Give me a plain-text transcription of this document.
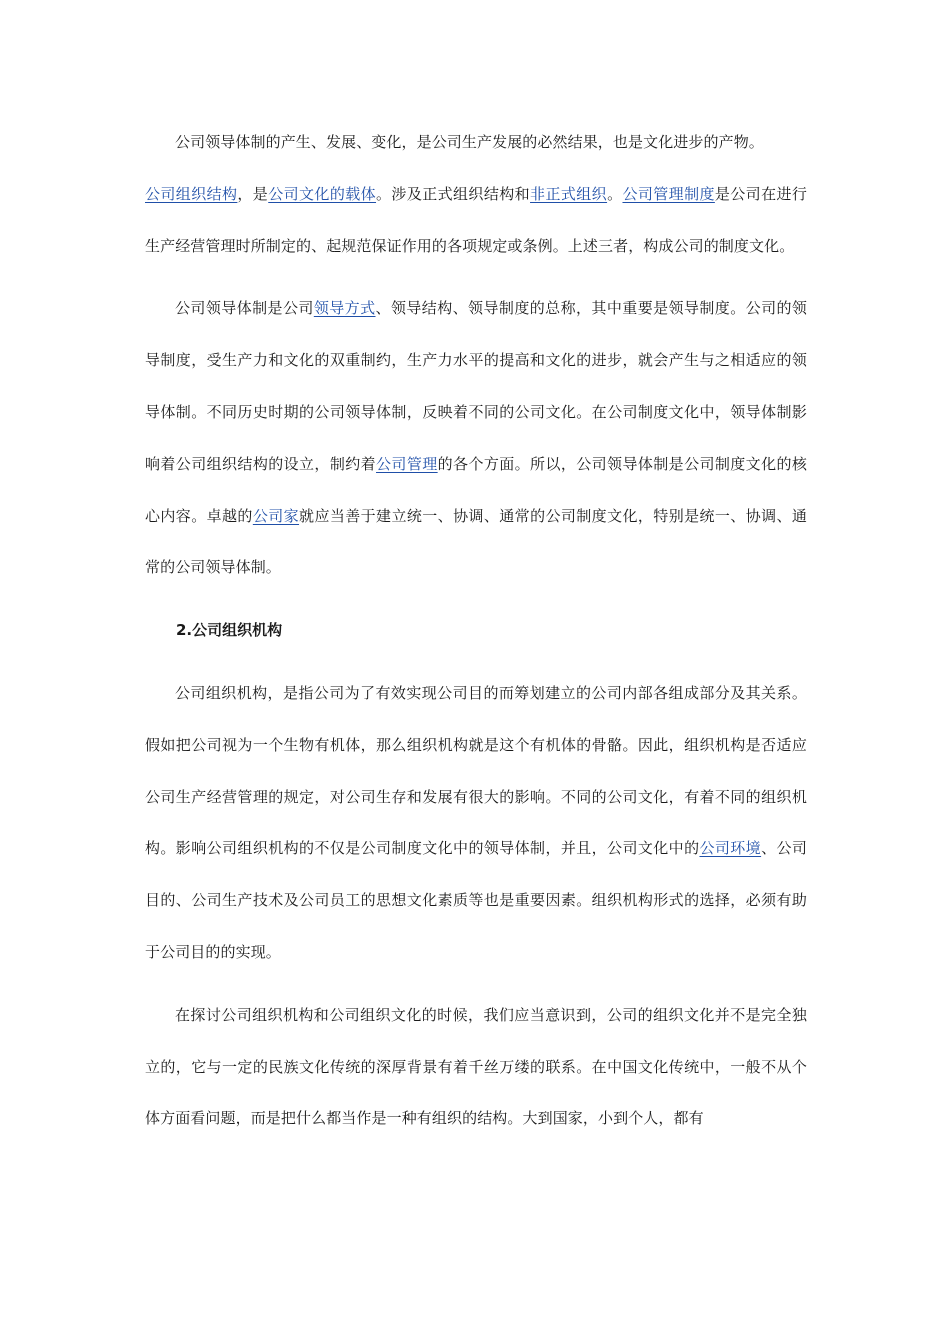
公司领导体制的产生、发展、变化，是公司生产发展的必然结果，也是文化进步的产物。

公司组织结构，是公司文化的载体。涉及正式组织结构和非正式组织。公司管理制度是公司在进行生产经营管理时所制定的、起规范保证作用的各项规定或条例。上述三者，构成公司的制度文化。

公司领导体制是公司领导方式、领导结构、领导制度的总称，其中重要是领导制度。公司的领导制度，受生产力和文化的双重制约，生产力水平的提高和文化的进步，就会产生与之相适应的领导体制。不同历史时期的公司领导体制，反映着不同的公司文化。在公司制度文化中，领导体制影响着公司组织结构的设立，制约着公司管理的各个方面。所以，公司领导体制是公司制度文化的核心内容。卓越的公司家就应当善于建立统一、协调、通常的公司制度文化，特别是统一、协调、通常的公司领导体制。

2.公司组织机构

公司组织机构，是指公司为了有效实现公司目的而筹划建立的公司内部各组成部分及其关系。假如把公司视为一个生物有机体，那么组织机构就是这个有机体的骨骼。因此，组织机构是否适应公司生产经营管理的规定，对公司生存和发展有很大的影响。不同的公司文化，有着不同的组织机构。影响公司组织机构的不仅是公司制度文化中的领导体制，并且，公司文化中的公司环境、公司目的、公司生产技术及公司员工的思想文化素质等也是重要因素。组织机构形式的选择，必须有助于公司目的的实现。

在探讨公司组织机构和公司组织文化的时候，我们应当意识到，公司的组织文化并不是完全独立的，它与一定的民族文化传统的深厚背景有着千丝万缕的联系。在中国文化传统中，一般不从个体方面看问题，而是把什么都当作是一种有组织的结构。大到国家，小到个人，都有
